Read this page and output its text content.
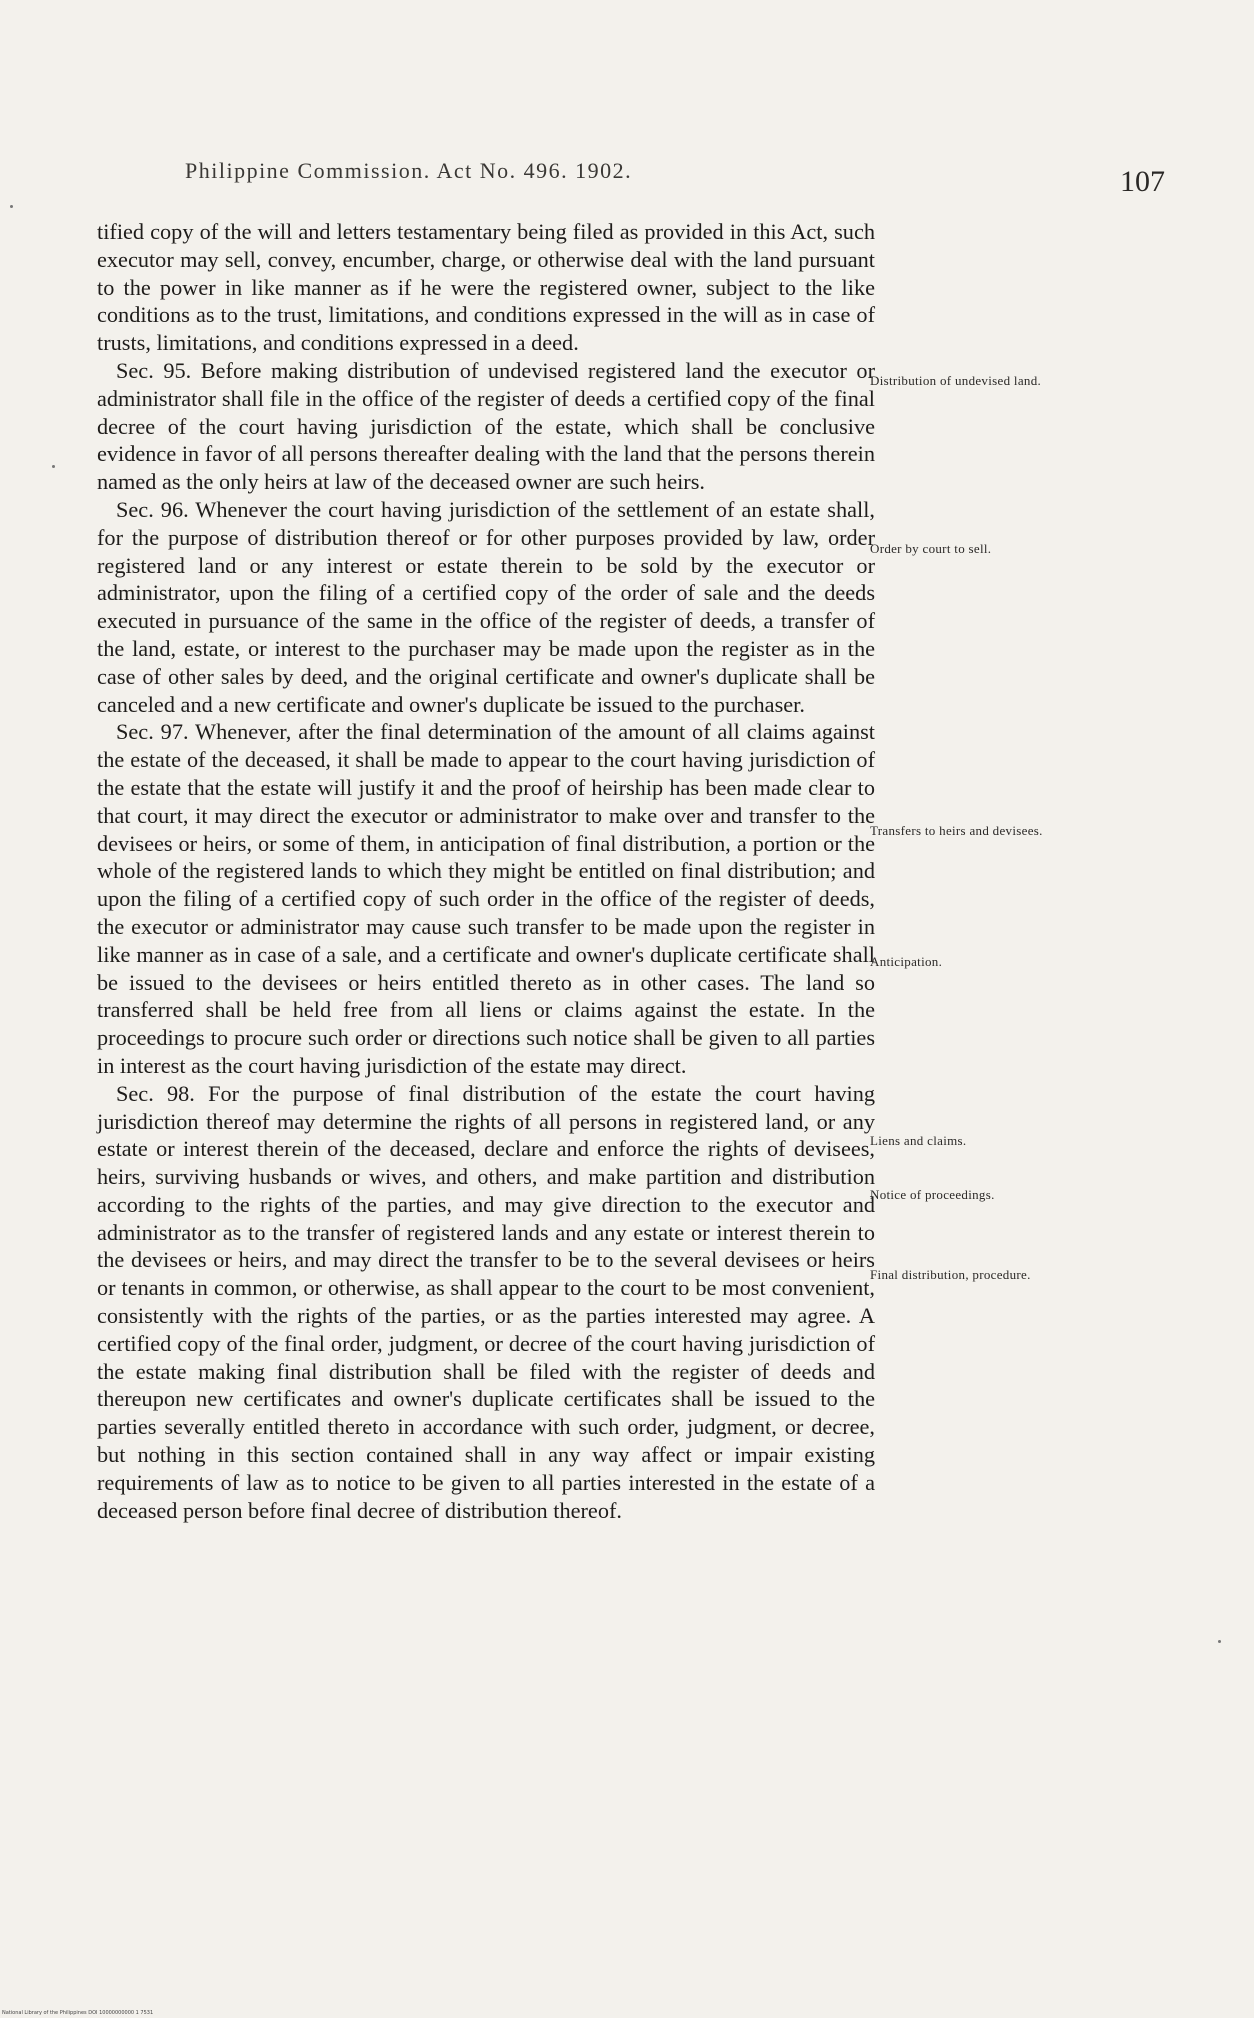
Philippine Commission. Act No. 496. 1902.	107

tified copy of the will and letters testamentary being filed as provided in this Act, such executor may sell, convey, encumber, charge, or otherwise deal with the land pursuant to the power in like manner as if he were the registered owner, subject to the like conditions as to the trust, limitations, and conditions expressed in the will as in case of trusts, limitations, and conditions expressed in a deed.

Sec. 95. Before making distribution of undevised registered land the executor or administrator shall file in the office of the register of deeds a certified copy of the final decree of the court having jurisdiction of the estate, which shall be conclusive evidence in favor of all persons thereafter dealing with the land that the persons therein named as the only heirs at law of the deceased owner are such heirs.

Sec. 96. Whenever the court having jurisdiction of the settlement of an estate shall, for the purpose of distribution thereof or for other purposes provided by law, order registered land or any interest or estate therein to be sold by the executor or administrator, upon the filing of a certified copy of the order of sale and the deeds executed in pursuance of the same in the office of the register of deeds, a transfer of the land, estate, or interest to the purchaser may be made upon the register as in the case of other sales by deed, and the original certificate and owner's duplicate shall be canceled and a new certificate and owner's duplicate be issued to the purchaser.

Sec. 97. Whenever, after the final determination of the amount of all claims against the estate of the deceased, it shall be made to appear to the court having jurisdiction of the estate that the estate will justify it and the proof of heirship has been made clear to that court, it may direct the executor or administrator to make over and transfer to the devisees or heirs, or some of them, in anticipation of final distribution, a portion or the whole of the registered lands to which they might be entitled on final distribution; and upon the filing of a certified copy of such order in the office of the register of deeds, the executor or administrator may cause such transfer to be made upon the register in like manner as in case of a sale, and a certificate and owner's duplicate certificate shall be issued to the devisees or heirs entitled thereto as in other cases. The land so transferred shall be held free from all liens or claims against the estate. In the proceedings to procure such order or directions such notice shall be given to all parties in interest as the court having jurisdiction of the estate may direct.

Sec. 98. For the purpose of final distribution of the estate the court having jurisdiction thereof may determine the rights of all persons in registered land, or any estate or interest therein of the deceased, declare and enforce the rights of devisees, heirs, surviving husbands or wives, and others, and make partition and distribution according to the rights of the parties, and may give direction to the executor and administrator as to the transfer of registered lands and any estate or interest therein to the devisees or heirs, and may direct the transfer to be to the several devisees or heirs or tenants in common, or otherwise, as shall appear to the court to be most convenient, consistently with the rights of the parties, or as the parties interested may agree. A certified copy of the final order, judgment, or decree of the court having jurisdiction of the estate making final distribution shall be filed with the register of deeds and thereupon new certificates and owner's duplicate certificates shall be issued to the parties severally entitled thereto in accordance with such order, judgment, or decree, but nothing in this section contained shall in any way affect or impair existing requirements of law as to notice to be given to all parties interested in the estate of a deceased person before final decree of distribution thereof.

Distribution of undevised land.
Order by court to sell.
Transfers to heirs and devisees.
Anticipation.
Liens and claims.
Notice of proceedings.
Final distribution, procedure.
National Library of the Philippines DOI 10000000000 1 7531
